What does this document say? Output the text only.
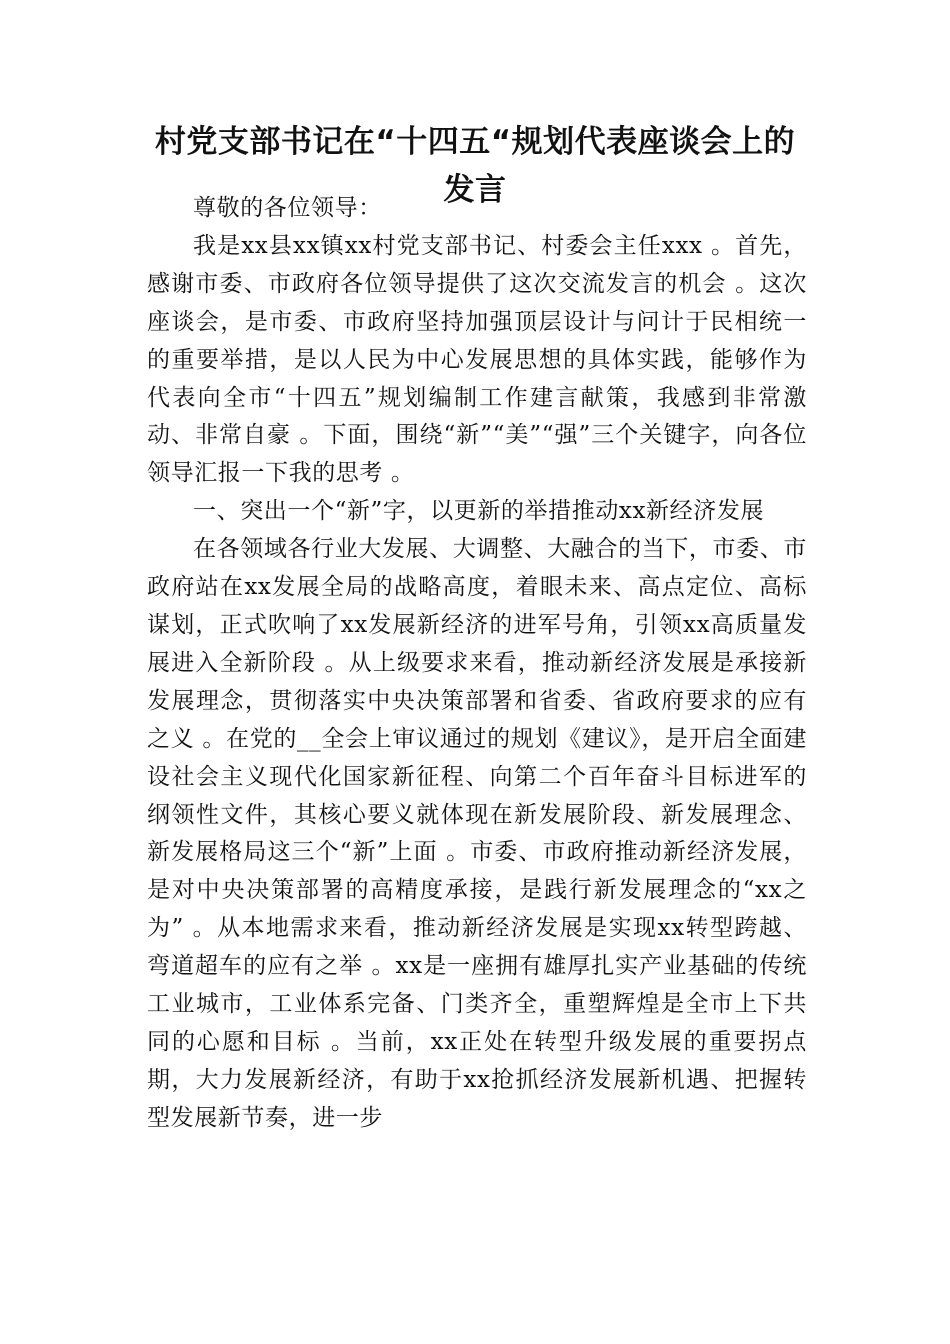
村党支部书记在“十四五“规划代表座谈会上的发言

尊敬的各位领导：

我是xx县xx镇xx村党支部书记、村委会主任xxx 。首先，感谢市委、市政府各位领导提供了这次交流发言的机会 。这次座谈会，是市委、市政府坚持加强顶层设计与问计于民相统一的重要举措，是以人民为中心发展思想的具体实践，能够作为代表向全市“十四五”规划编制工作建言献策，我感到非常激动、非常自豪 。下面，围绕“新”“美”“强”三个关键字，向各位领导汇报一下我的思考 。

一、突出一个“新”字，以更新的举措推动xx新经济发展

在各领域各行业大发展、大调整、大融合的当下，市委、市政府站在xx发展全局的战略高度，着眼未来、高点定位、高标谋划，正式吹响了xx发展新经济的进军号角，引领xx高质量发展进入全新阶段 。从上级要求来看，推动新经济发展是承接新发展理念，贯彻落实中央决策部署和省委、省政府要求的应有之义 。在党的__全会上审议通过的规划《建议》，是开启全面建设社会主义现代化国家新征程、向第二个百年奋斗目标进军的纲领性文件，其核心要义就体现在新发展阶段、新发展理念、新发展格局这三个“新”上面 。市委、市政府推动新经济发展，是对中央决策部署的高精度承接，是践行新发展理念的“xx之为” 。从本地需求来看，推动新经济发展是实现xx转型跨越、弯道超车的应有之举 。xx是一座拥有雄厚扎实产业基础的传统工业城市，工业体系完备、门类齐全，重塑辉煌是全市上下共同的心愿和目标 。当前，xx正处在转型升级发展的重要拐点期，大力发展新经济，有助于xx抢抓经济发展新机遇、把握转型发展新节奏，进一步
